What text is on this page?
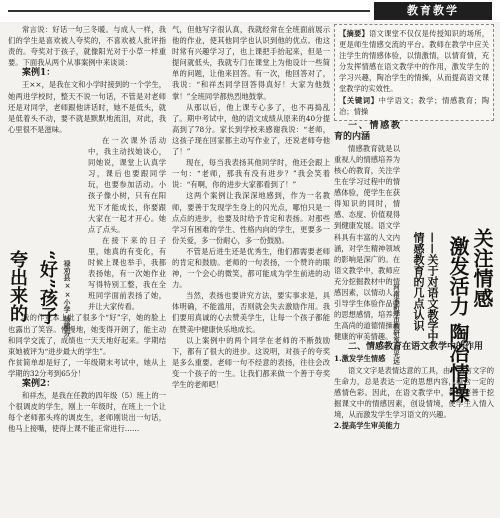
教育教学

常言说：好话一句三冬暖。与成人一样，我们的学生是喜欢被人夸奖的，不喜欢被人批评指责的。夸奖对于孩子，就像阳光对于小草一样重要。下面我从两个从事案例中来谈谈：

案例1：

王××，是我在文和小学时接到的一个学生，她两进学校时，整天不说一句话，不管是对老师还是对同学，老师跟他讲话时，她不是低头，就是低着头不动，要不就是默默地流泪，对此，我心里很不是滋味。

在一次课外活动中，我主动找她谈心，同她说，课堂上认真学习，课后也要跟同学玩，也要参加活动。小孩子像小树，只有在阳光下才能成长，你要跟大家在一起才开心。她点了点头。

在接下来的日子里，她真的有变化，有时候上课也举手，我都表扬她，有一次她作业写得特别工整，我在全班同学面前表扬了她，并让大家传看。

我的作业本上批了很多个“好”字，她的脸上也露出了笑容。慢慢地，她变得开朗了，能主动和同学交流了，成绩也一天天地好起来。学期结束她被评为“进步最大的学生”。

作贫简单却是好了，一年级期末考试中，她从上学期的32分考到65分！

案例2：

和祥杰，是我在任教的四年级（5）班上的一个很调皮的学生，刚上一年级时，在班上一个让每个老师都头疼的调皮生，老师刚说出一句话，他马上接嘴，使得上课不能正常进行……

气，但他写字很认真，我就经常在全班面前展示他的作业，使其他同学也认识到他的优点。他这时常有兴趣学习了，也上课把手抬起来，但是一提问就低头，我就专门在课堂上为他设计一些简单的问题，让他来回答。有一次，他回答对了，我说：“和祥杰同学回答得真好！大家为他鼓掌！”全班同学都热烈地鼓掌。

从那以后，他上课专心多了，也不再捣乱了。期中考试中，他的语文成绩从原来的40分提高到了78分。家长到学校来感谢我说：“老师，这孩子现在回家都主动写作业了，还说老师夸他了！”

现在，每当我表扬其他同学时，他还会跟上一句：“老师，那我有没有进步？”我会笑着说：“有啊，你的进步大家都看到了！”

这两个案例让我深深地感到，作为一名教师，要善于发现学生身上的闪光点，哪怕只是一点点的进步，也要及时给予肯定和表扬。对那些学习有困难的学生、性格内向的学生，更要多一份关爱，多一份耐心，多一份鼓励。

不管是后进生还是优秀生，他们都需要老师的肯定和鼓励。老师的一句表扬，一个赞许的眼神，一个会心的微笑，都可能成为学生前进的动力。

当然，表扬也要讲究方法，要实事求是，具体明确，不能滥用，否则就会失去激励作用。我们要用真诚的心去赞美学生，让每一个孩子都能在赞美中健康快乐地成长。

以上案例中的两个同学在老师的不断鼓励下，都有了很大的进步。这说明，对孩子的夸奖是多么重要。老师一句不经意的表扬，往往会改变一个孩子的一生。让我们都来做一个善于夸奖学生的老师吧！

【摘要】语文课堂不仅仅是传授知识的场所，更是师生情感交流的平台。教师在教学中应关注学生的情感体验，以情激情，以情育情，充分发挥情感在语文教学中的作用，激发学生的学习兴趣，陶冶学生的情操，从而提高语文课堂教学的实效性。

【关键词】中学语文；教学；情感教育；陶冶；情操

一、情感教育的内涵

情感教育就是以重视人的情感培养为核心的教育，关注学生在学习过程中的情感体验，使学生在获得知识的同时，情感、态度、价值观得到健康发展。语文学科具有丰富的人文内涵，对学生精神领域的影响是深广的。在语文教学中，教师应充分挖掘教材中的情感因素，以情动人，引导学生体验作品中的思想感情，培养学生高尚的道德情操和健康的审美情趣。

二、情感教育在语文教学中的作用

1.激发学生情感

语文文字是表情达意的工具，由于语言文字的生命力，总是表达一定的思想内容，蕴含一定的感情色彩。因此，在语文教学中，教师要善于挖掘课文中的情感因素，创设情境，使学生入情入境，从而激发学生学习语文的兴趣。

2.提高学生审美能力

夸出来的 “好”孩子 禄劝县××小学 杨建芬	关注情感
激发活力 陶冶情操
——关于对语文教学中
情感教育的几点认识
河南省新郑市教研室 杨光远
